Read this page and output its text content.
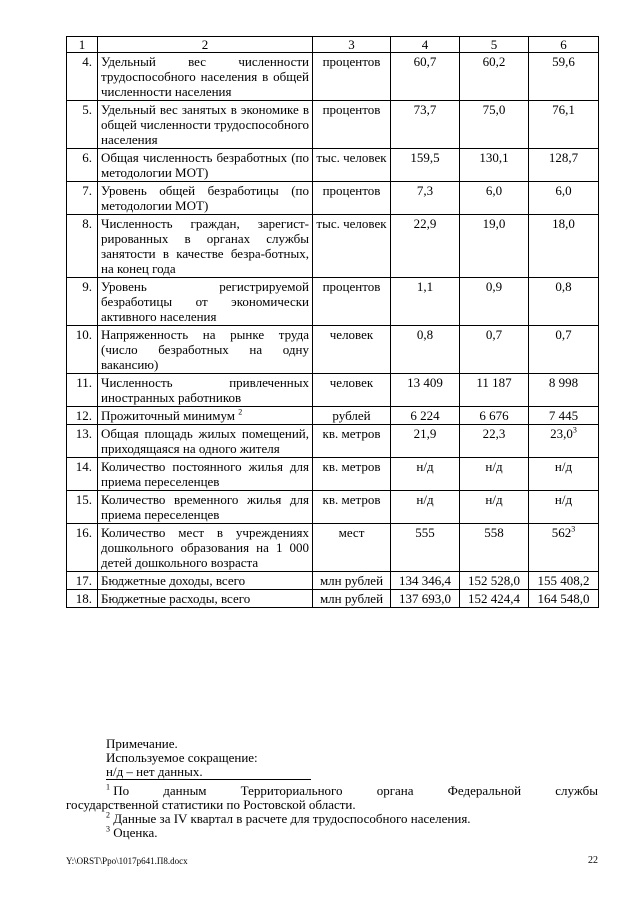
1	2	3	4	5	6
4.	Удельный вес численности трудоспособного населения в общей численности населения	процентов	60,7	60,2	59,6
5.	Удельный вес занятых в экономике в общей численности трудоспособного населения	процентов	73,7	75,0	76,1
6.	Общая численность безработных (по методологии МОТ)	тыс. человек	159,5	130,1	128,7
7.	Уровень общей безработицы (по методологии МОТ)	процентов	7,3	6,0	6,0
8.	Численность граждан, зарегист-рированных в органах службы занятости в качестве безра-ботных, на конец года	тыс. человек	22,9	19,0	18,0
9.	Уровень регистрируемой безработицы от экономически активного населения	процентов	1,1	0,9	0,8
10.	Напряженность на рынке труда (число безработных на одну вакансию)	человек	0,8	0,7	0,7
11.	Численность привлеченных иностранных работников	человек	13 409	11 187	8 998
12.	Прожиточный минимум $^2$	рублей	6 224	6 676	7 445
13.	Общая площадь жилых помещений, приходящаяся на одного жителя	кв. метров	21,9	22,3	23,0$^3$
14.	Количество постоянного жилья для приема переселенцев	кв. метров	н/д	н/д	н/д
15.	Количество временного жилья для приема переселенцев	кв. метров	н/д	н/д	н/д
16.	Количество мест в учреждениях дошкольного образования на 1 000 детей дошкольного возраста	мест	555	558	$562^3$
17.	Бюджетные доходы, всего	млн рублей	134 346,4	152 528,0	155 408,2
18.	Бюджетные расходы, всего	млн рублей	137 693,0	152 424,4	164 548,0
Примечание.
Используемое сокращение:
н/д – нет данных.
$^1$ По	данным	Территориального	органа	Федеральной	службы
государственной статистики по Ростовской области.
$^2$ Данные за IV квартал в расчете для трудоспособного населения.
$^3$ Оценка.
Y:\ORST\Ppo\1017p641.П8.docx	22
